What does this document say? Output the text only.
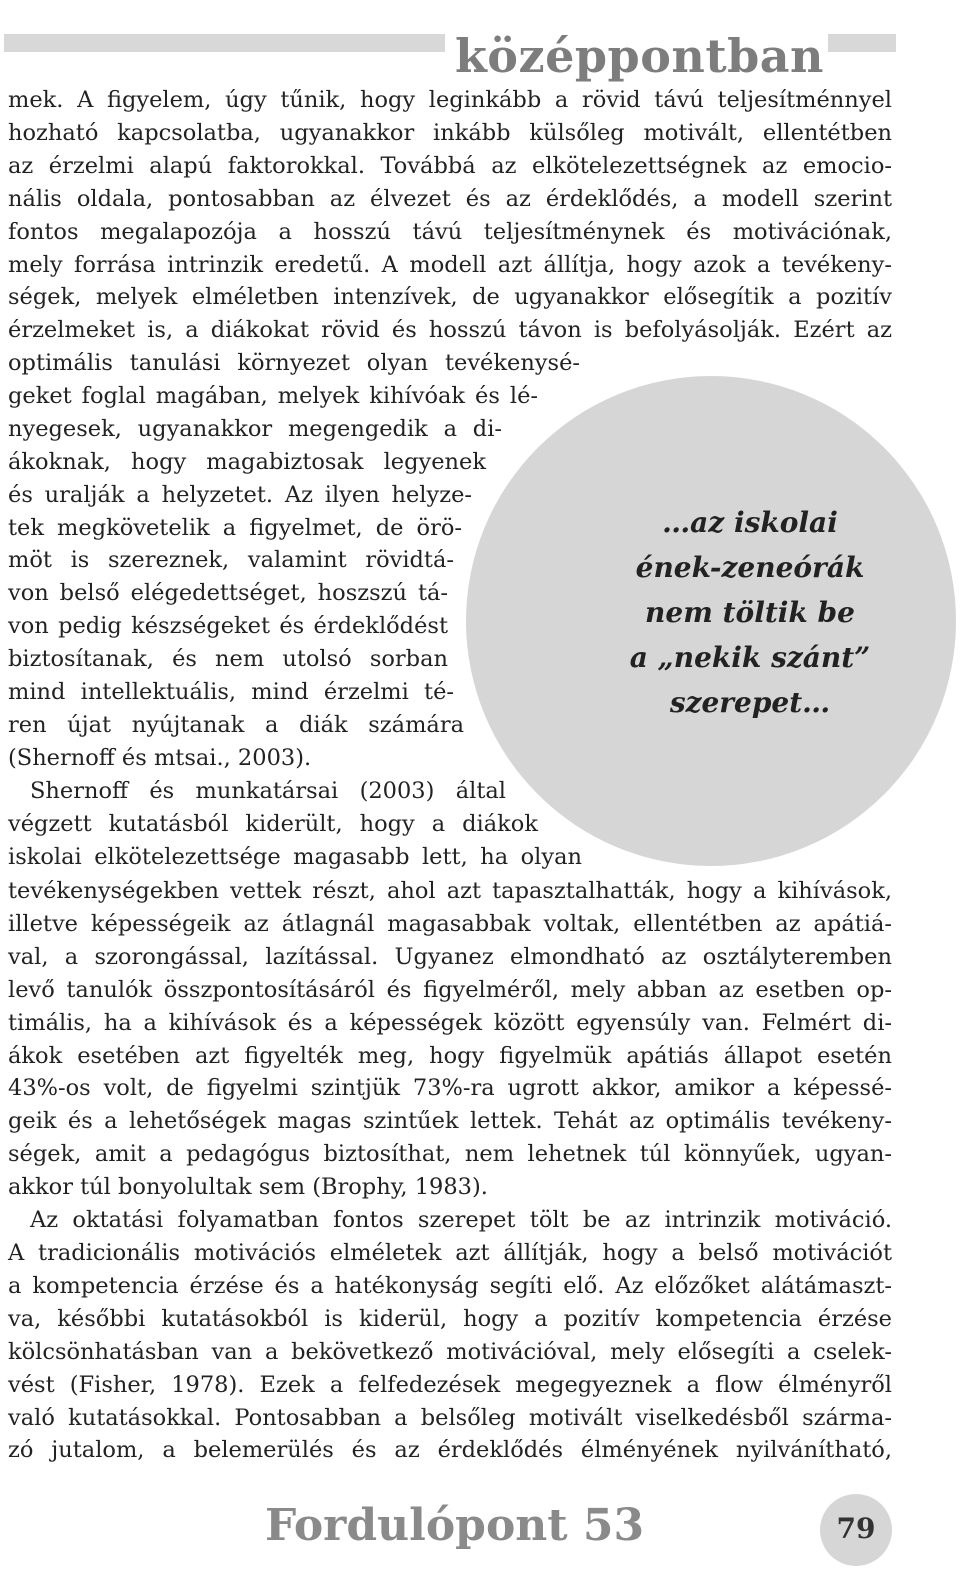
középpontban
…az iskolai
ének-zeneórák
nem töltik be
a „nekik szánt”
szerepet…
mek. A figyelem, úgy tűnik, hogy leginkább a rövid távú teljesítménnyel
hozható kapcsolatba, ugyanakkor inkább külsőleg motivált, ellentétben
az érzelmi alapú faktorokkal. Továbbá az elkötelezettségnek az emocio-
nális oldala, pontosabban az élvezet és az érdeklődés, a modell szerint
fontos megalapozója a hosszú távú teljesítménynek és motivációnak,
mely forrása intrinzik eredetű. A modell azt állítja, hogy azok a tevékeny-
ségek, melyek elméletben intenzívek, de ugyanakkor elősegítik a pozitív
érzelmeket is, a diákokat rövid és hosszú távon is befolyásolják. Ezért az
optimális tanulási környezet olyan tevékenysé-
geket foglal magában, melyek kihívóak és lé-
nyegesek, ugyanakkor megengedik a di-
ákoknak, hogy magabiztosak legyenek
és uralják a helyzetet. Az ilyen helyze-
tek megkövetelik a figyelmet, de örö-
möt is szereznek, valamint rövidtá-
von belső elégedettséget, hoszszú tá-
von pedig készségeket és érdeklődést
biztosítanak, és nem utolsó sorban
mind intellektuális, mind érzelmi té-
ren újat nyújtanak a diák számára
(Shernoff és mtsai., 2003).
Shernoff és munkatársai (2003) által
végzett kutatásból kiderült, hogy a diákok
iskolai elkötelezettsége magasabb lett, ha olyan
tevékenységekben vettek részt, ahol azt tapasztalhatták, hogy a kihívások,
illetve képességeik az átlagnál magasabbak voltak, ellentétben az apátiá-
val, a szorongással, lazítással. Ugyanez elmondható az osztályteremben
levő tanulók összpontosításáról és figyelméről, mely abban az esetben op-
timális, ha a kihívások és a képességek között egyensúly van. Felmért di-
ákok esetében azt figyelték meg, hogy figyelmük apátiás állapot esetén
43%-os volt, de figyelmi szintjük 73%-ra ugrott akkor, amikor a képessé-
geik és a lehetőségek magas szintűek lettek. Tehát az optimális tevékeny-
ségek, amit a pedagógus biztosíthat, nem lehetnek túl könnyűek, ugyan-
akkor túl bonyolultak sem (Brophy, 1983).
Az oktatási folyamatban fontos szerepet tölt be az intrinzik motiváció.
A tradicionális motivációs elméletek azt állítják, hogy a belső motivációt
a kompetencia érzése és a hatékonyság segíti elő. Az előzőket alátámaszt-
va, későbbi kutatásokból is kiderül, hogy a pozitív kompetencia érzése
kölcsönhatásban van a bekövetkező motivációval, mely elősegíti a cselek-
vést (Fisher, 1978). Ezek a felfedezések megegyeznek a flow élményről
való kutatásokkal. Pontosabban a belsőleg motivált viselkedésből szárma-
zó jutalom, a belemerülés és az érdeklődés élményének nyilvánítható,
Fordulópont 53	79
